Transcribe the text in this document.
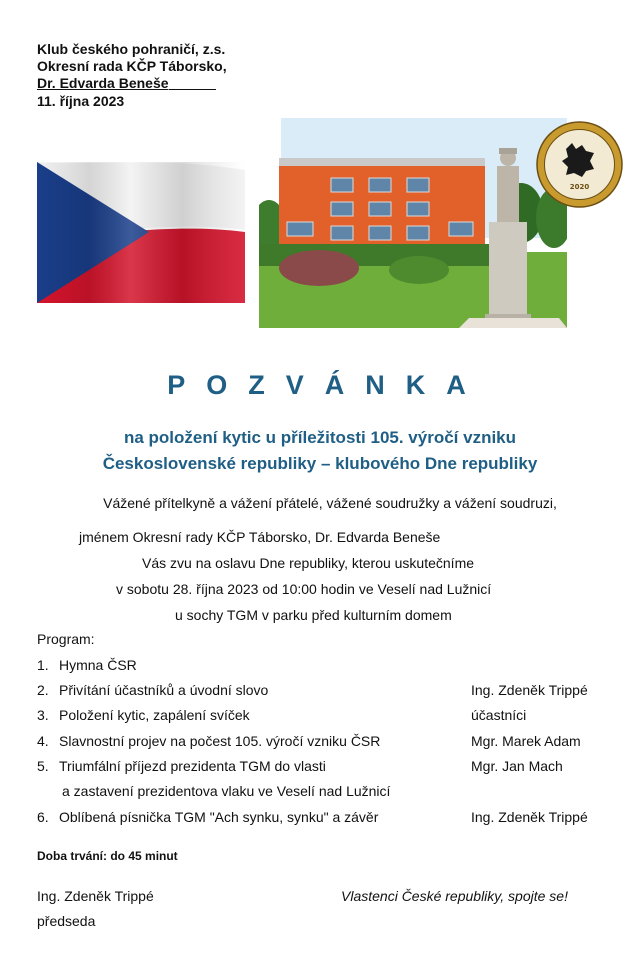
Klub českého pohraničí, z.s.
Okresní rada KČP Táborsko,
Dr. Edvarda Beneše
11. října 2023
2020
POZVÁNKA
na položení kytic u příležitosti 105. výročí vzniku
Československé republiky – klubového Dne republiky
Vážené přítelkyně a vážení přátelé, vážené soudružky a vážení soudruzi,
jménem Okresní rady KČP Táborsko, Dr. Edvarda Beneše
Vás zvu na oslavu Dne republiky, kterou uskutečníme
v sobotu 28. října 2023 od 10:00 hodin ve Veselí nad Lužnicí
u sochy TGM v parku před kulturním domem
Program:
1. Hymna ČSR
2. Přivítání účastníků a úvodní slovo	Ing. Zdeněk Trippé
3. Položení kytic, zapálení svíček	účastníci
4. Slavnostní projev na počest 105. výročí vzniku ČSR	Mgr. Marek Adam
5. Triumfální příjezd prezidenta TGM do vlasti	Mgr. Jan Mach
a zastavení prezidentova vlaku ve Veselí nad Lužnicí
6. Oblíbená písnička TGM "Ach synku, synku" a závěr	Ing. Zdeněk Trippé
Doba trvání: do 45 minut
Ing. Zdeněk Trippé
předseda
Vlastenci České republiky, spojte se!
